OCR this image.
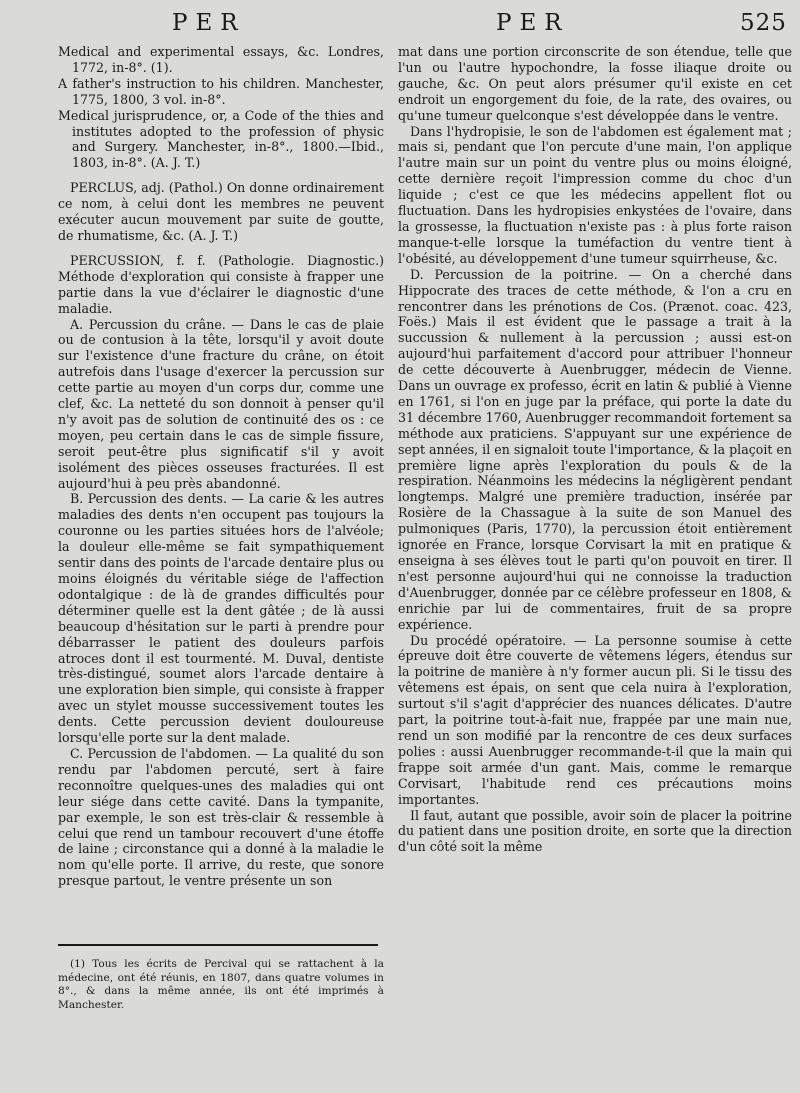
PER	PER	525

Medical and experimental essays, &c. Londres, 1772, in-8°. (1).

A father's instruction to his children. Manchester, 1775, 1800, 3 vol. in-8°.

Medical jurisprudence, or, a Code of the thies and institutes adopted to the profession of physic and Surgery. Manchester, in-8°., 1800.—Ibid., 1803, in-8°. (A. J. T.)

PERCLUS, adj. (Pathol.) On donne ordinairement ce nom, à celui dont les membres ne peuvent exécuter aucun mouvement par suite de goutte, de rhumatisme, &c. (A. J. T.)

PERCUSSION, f. f. (Pathologie. Diagnostic.) Méthode d'exploration qui consiste à frapper une partie dans la vue d'éclairer le diagnostic d'une maladie.

A. Percussion du crâne. — Dans le cas de plaie ou de contusion à la tête, lorsqu'il y avoit doute sur l'existence d'une fracture du crâne, on étoit autrefois dans l'usage d'exercer la percussion sur cette partie au moyen d'un corps dur, comme une clef, &c. La netteté du son donnoit à penser qu'il n'y avoit pas de solution de continuité des os : ce moyen, peu certain dans le cas de simple fissure, seroit peut-être plus significatif s'il y avoit isolément des pièces osseuses fracturées. Il est aujourd'hui à peu près abandonné.

B. Percussion des dents. — La carie & les autres maladies des dents n'en occupent pas toujours la couronne ou les parties situées hors de l'alvéole; la douleur elle-même se fait sympathiquement sentir dans des points de l'arcade dentaire plus ou moins éloignés du véritable siége de l'affection odontalgique : de là de grandes difficultés pour déterminer quelle est la dent gâtée ; de là aussi beaucoup d'hésitation sur le parti à prendre pour débarrasser le patient des douleurs parfois atroces dont il est tourmenté. M. Duval, dentiste très-distingué, soumet alors l'arcade dentaire à une exploration bien simple, qui consiste à frapper avec un stylet mousse successivement toutes les dents. Cette percussion devient douloureuse lorsqu'elle porte sur la dent malade.

C. Percussion de l'abdomen. — La qualité du son rendu par l'abdomen percuté, sert à faire reconnoître quelques-unes des maladies qui ont leur siége dans cette cavité. Dans la tympanite, par exemple, le son est très-clair & ressemble à celui que rend un tambour recouvert d'une étoffe de laine ; circonstance qui a donné à la maladie le nom qu'elle porte. Il arrive, du reste, que sonore presque partout, le ventre présente un son

(1) Tous les écrits de Percival qui se rattachent à la médecine, ont été réunis, en 1807, dans quatre volumes in 8°., & dans la même année, ils ont été imprimés à Manchester.

mat dans une portion circonscrite de son étendue, telle que l'un ou l'autre hypochondre, la fosse iliaque droite ou gauche, &c. On peut alors présumer qu'il existe en cet endroit un engorgement du foie, de la rate, des ovaires, ou qu'une tumeur quelconque s'est développée dans le ventre.

Dans l'hydropisie, le son de l'abdomen est également mat ; mais si, pendant que l'on percute d'une main, l'on applique l'autre main sur un point du ventre plus ou moins éloigné, cette dernière reçoit l'impression comme du choc d'un liquide ; c'est ce que les médecins appellent flot ou fluctuation. Dans les hydropisies enkystées de l'ovaire, dans la grossesse, la fluctuation n'existe pas : à plus forte raison manque-t-elle lorsque la tuméfaction du ventre tient à l'obésité, au développement d'une tumeur squirrheuse, &c.

D. Percussion de la poitrine. — On a cherché dans Hippocrate des traces de cette méthode, & l'on a cru en rencontrer dans les prénotions de Cos. (Prænot. coac. 423, Foës.) Mais il est évident que le passage a trait à la succussion & nullement à la percussion ; aussi est-on aujourd'hui parfaitement d'accord pour attribuer l'honneur de cette découverte à Auenbrugger, médecin de Vienne. Dans un ouvrage ex professo, écrit en latin & publié à Vienne en 1761, si l'on en juge par la préface, qui porte la date du 31 décembre 1760, Auenbrugger recommandoit fortement sa méthode aux praticiens. S'appuyant sur une expérience de sept années, il en signaloit toute l'importance, & la plaçoit en première ligne après l'exploration du pouls & de la respiration. Néanmoins les médecins la négligèrent pendant longtemps. Malgré une première traduction, insérée par Rosière de la Chassague à la suite de son Manuel des pulmoniques (Paris, 1770), la percussion étoit entièrement ignorée en France, lorsque Corvisart la mit en pratique & enseigna à ses élèves tout le parti qu'on pouvoit en tirer. Il n'est personne aujourd'hui qui ne connoisse la traduction d'Auenbrugger, donnée par ce célèbre professeur en 1808, & enrichie par lui de commentaires, fruit de sa propre expérience.

Du procédé opératoire. — La personne soumise à cette épreuve doit être couverte de vêtemens légers, étendus sur la poitrine de manière à n'y former aucun pli. Si le tissu des vêtemens est épais, on sent que cela nuira à l'exploration, surtout s'il s'agit d'apprécier des nuances délicates. D'autre part, la poitrine tout-à-fait nue, frappée par une main nue, rend un son modifié par la rencontre de ces deux surfaces polies : aussi Auenbrugger recommande-t-il que la main qui frappe soit armée d'un gant. Mais, comme le remarque Corvisart, l'habitude rend ces précautions moins importantes.

Il faut, autant que possible, avoir soin de placer la poitrine du patient dans une position droite, en sorte que la direction d'un côté soit la même
